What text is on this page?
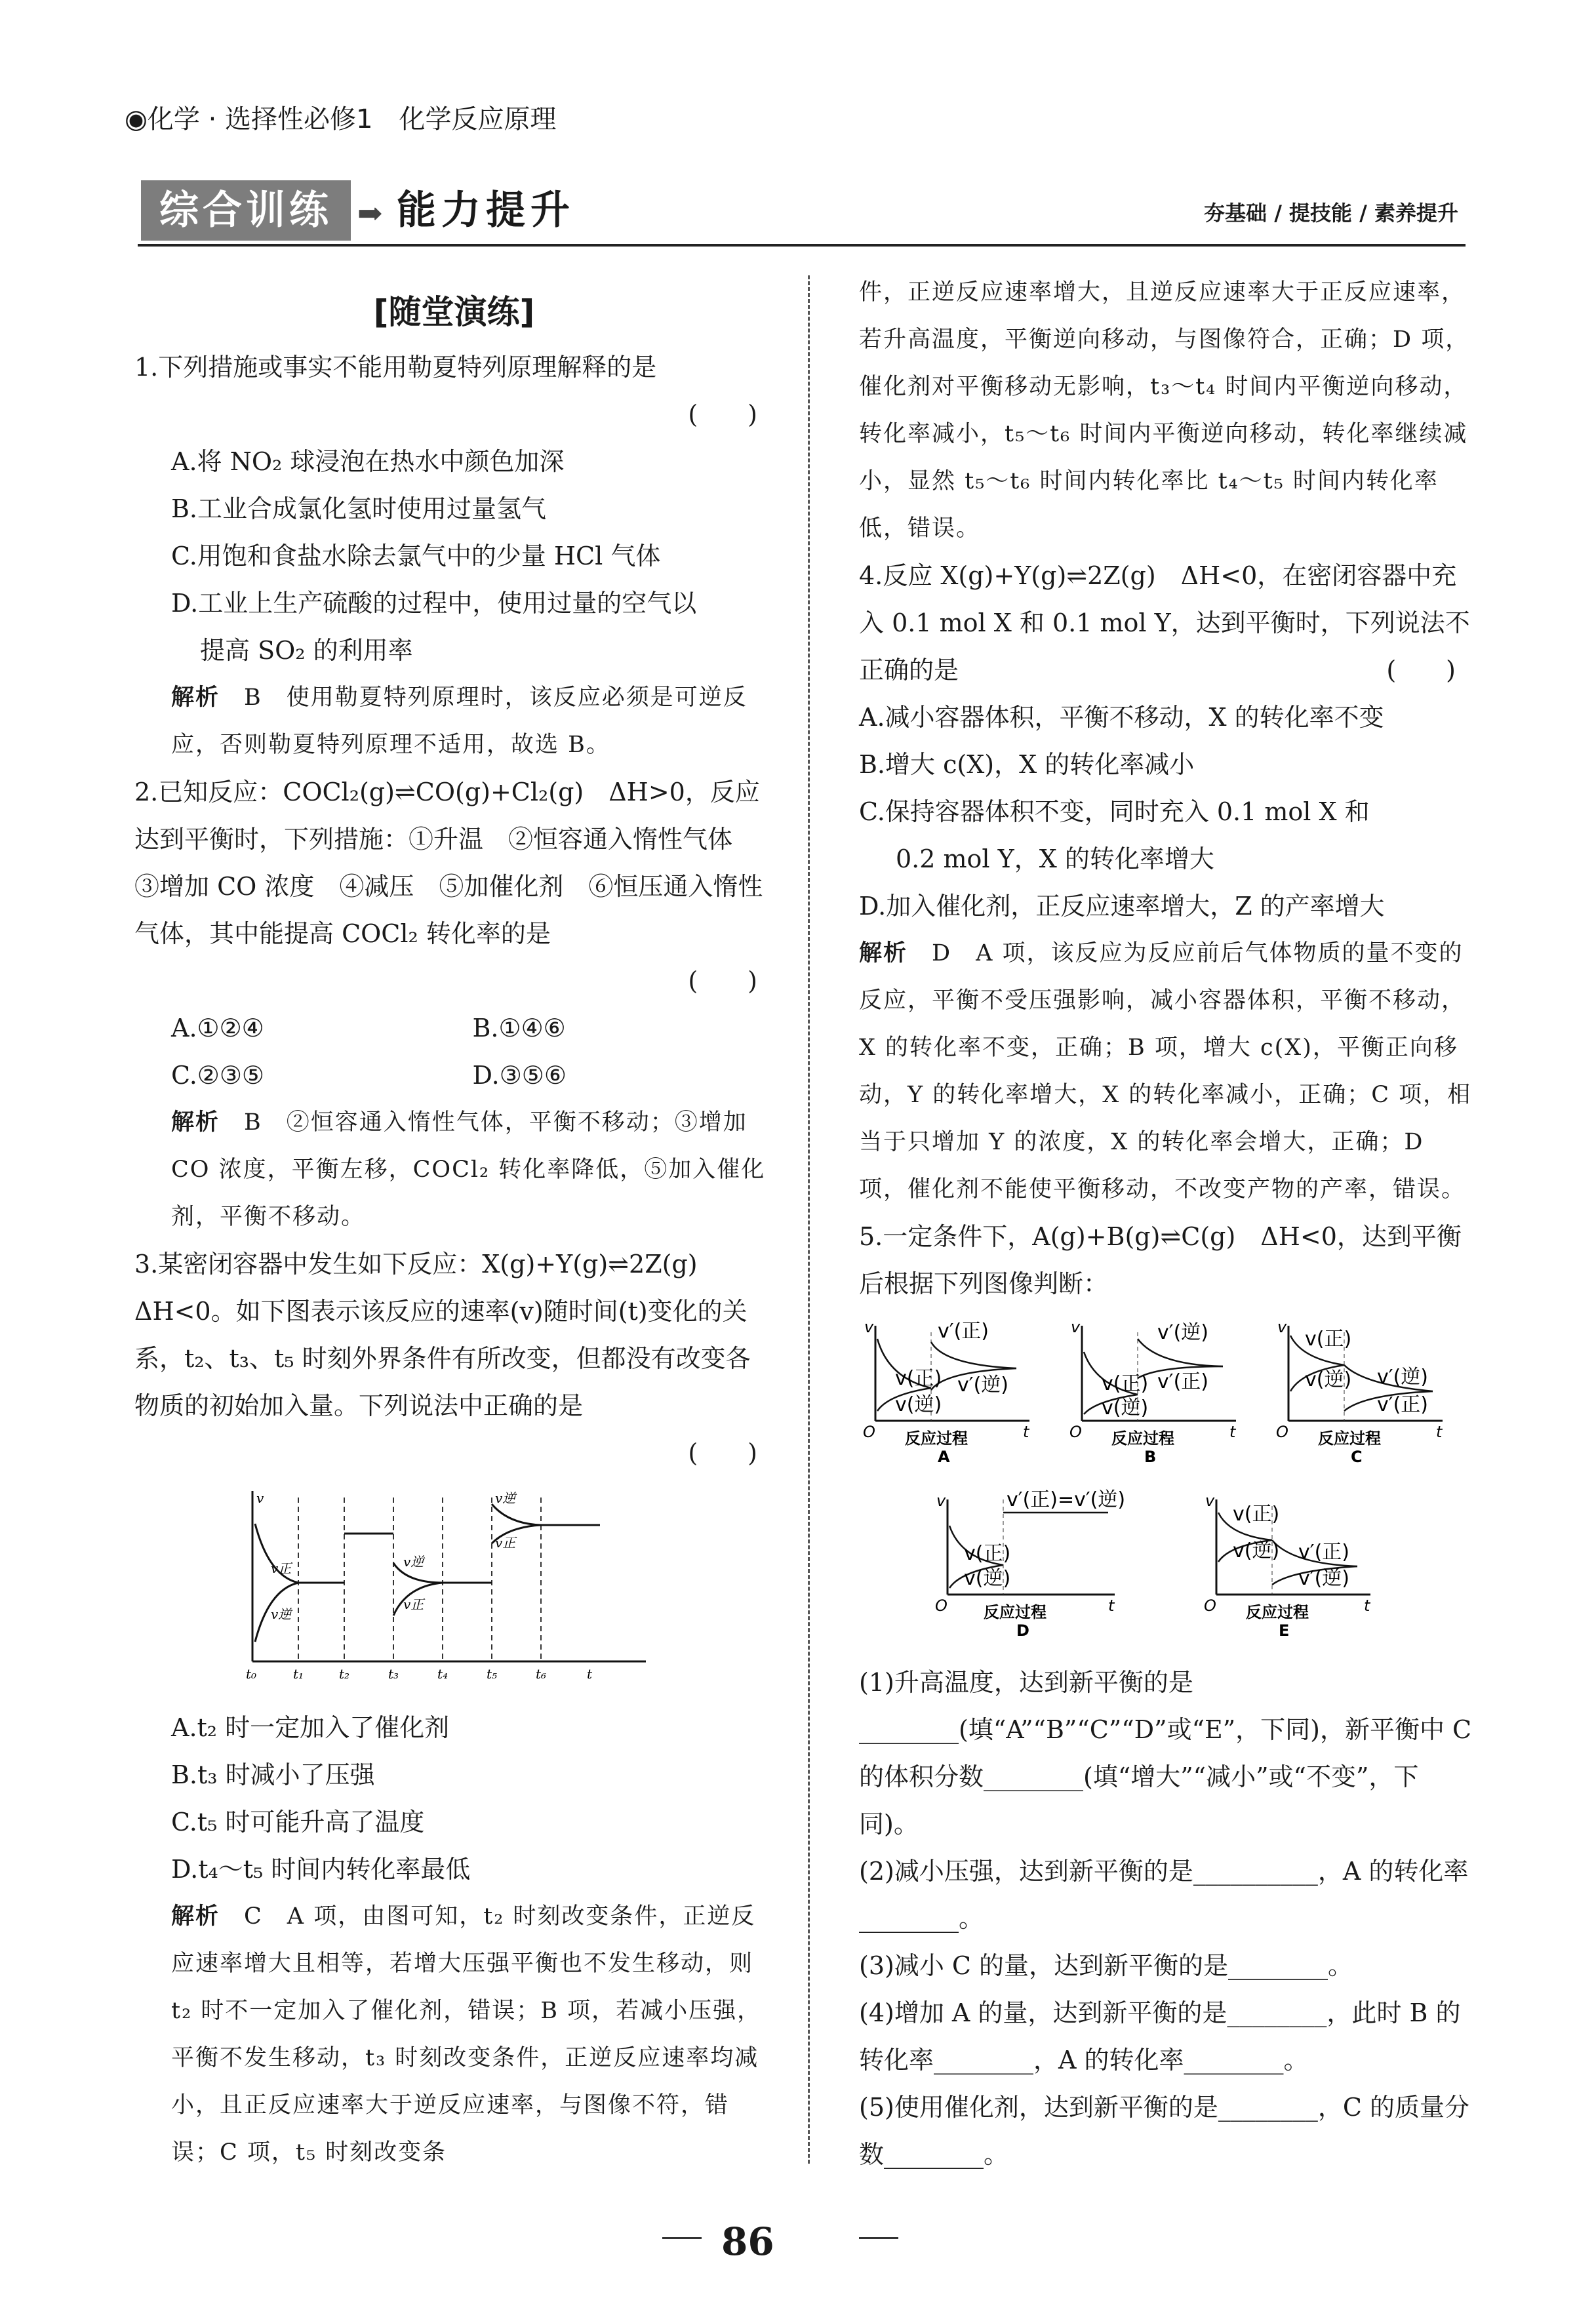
◉化学 · 选择性必修1　化学反应原理
综合训练 ➡ 能力提升	夯基础 / 提技能 / 素养提升
[随堂演练]

1.下列措施或事实不能用勒夏特列原理解释的是

(　　)

A.将 NO₂ 球浸泡在热水中颜色加深

B.工业合成氯化氢时使用过量氢气

C.用饱和食盐水除去氯气中的少量 HCl 气体

D.工业上生产硫酸的过程中，使用过量的空气以

提高 SO₂ 的利用率

解析　 B　使用勒夏特列原理时，该反应必须是可逆反应，否则勒夏特列原理不适用，故选 B。

2.已知反应：COCl₂(g)⇌CO(g)+Cl₂(g)　ΔH>0，反应达到平衡时，下列措施：①升温　②恒容通入惰性气体　③增加 CO 浓度　④减压　⑤加催化剂　⑥恒压通入惰性气体，其中能提高 COCl₂ 转化率的是

(　　)

A.①②④	B.①④⑥
C.②③⑤	D.③⑤⑥

解析　 B　②恒容通入惰性气体，平衡不移动；③增加 CO 浓度，平衡左移，COCl₂ 转化率降低，⑤加入催化剂，平衡不移动。

3.某密闭容器中发生如下反应：X(g)+Y(g)⇌2Z(g)　ΔH<0。如下图表示该反应的速率(v)随时间(t)变化的关系，t₂、t₃、t₅ 时刻外界条件有所改变，但都没有改变各物质的初始加入量。下列说法中正确的是

(　　)

v
v正
v逆
v逆
v正
v逆
v正
t₀	t₁	t₂	t₃	t₄	t₅	t₆	t

A.t₂ 时一定加入了催化剂

B.t₃ 时减小了压强

C.t₅ 时可能升高了温度

D.t₄～t₅ 时间内转化率最低

解析　 C　A 项，由图可知，t₂ 时刻改变条件，正逆反应速率增大且相等，若增大压强平衡也不发生移动，则 t₂ 时不一定加入了催化剂，错误；B 项，若减小压强，平衡不发生移动，t₃ 时刻改变条件，正逆反应速率均减小，且正反应速率大于逆反应速率，与图像不符，错误；C 项，t₅ 时刻改变条

件，正逆反应速率增大，且逆反应速率大于正反应速率，若升高温度，平衡逆向移动，与图像符合，正确；D 项，催化剂对平衡移动无影响，t₃～t₄ 时间内平衡逆向移动，转化率减小，t₅～t₆ 时间内平衡逆向移动，转化率继续减小，显然 t₅～t₆ 时间内转化率比 t₄～t₅ 时间内转化率低，错误。

4.反应 X(g)+Y(g)⇌2Z(g)　ΔH<0，在密闭容器中充入 0.1 mol X 和 0.1 mol Y，达到平衡时，下列说法不正确的是	(　　)

A.减小容器体积，平衡不移动，X 的转化率不变

B.增大 c(X)，X 的转化率减小

C.保持容器体积不变，同时充入 0.1 mol X 和

0.2 mol Y，X 的转化率增大

D.加入催化剂，正反应速率增大，Z 的产率增大

解析　 D　A 项，该反应为反应前后气体物质的量不变的反应，平衡不受压强影响，减小容器体积，平衡不移动，X 的转化率不变，正确；B 项，增大 c(X)，平衡正向移动，Y 的转化率增大，X 的转化率减小，正确；C 项，相当于只增加 Y 的浓度，X 的转化率会增大，正确；D 项，催化剂不能使平衡移动，不改变产物的产率，错误。

5.一定条件下，A(g)+B(g)⇌C(g)　ΔH<0，达到平衡后根据下列图像判断：

v
O	t
v(正)
v(逆)
v′(正)
v′(逆)
反应过程
A
v
O	t
v(正)
v(逆)
v′(逆)
v′(正)
反应过程
B
v
O	t
v(正)
v(逆) v′(逆)
v′(正)
反应过程
C
v
O	t
v(正)
v(逆)
v′(正)=v′(逆)
反应过程
D
v
O	t
v(正)
v(逆) v′(正)
v′(逆)
反应过程
E

(1)升高温度，达到新平衡的是________(填“A”“B”“C”“D”或“E”，下同)，新平衡中 C 的体积分数________(填“增大”“减小”或“不变”，下同)。

(2)减小压强，达到新平衡的是__________，A 的转化率________。

(3)减小 C 的量，达到新平衡的是________。

(4)增加 A 的量，达到新平衡的是________，此时 B 的转化率________，A 的转化率________。

(5)使用催化剂，达到新平衡的是________，C 的质量分数________。

86
